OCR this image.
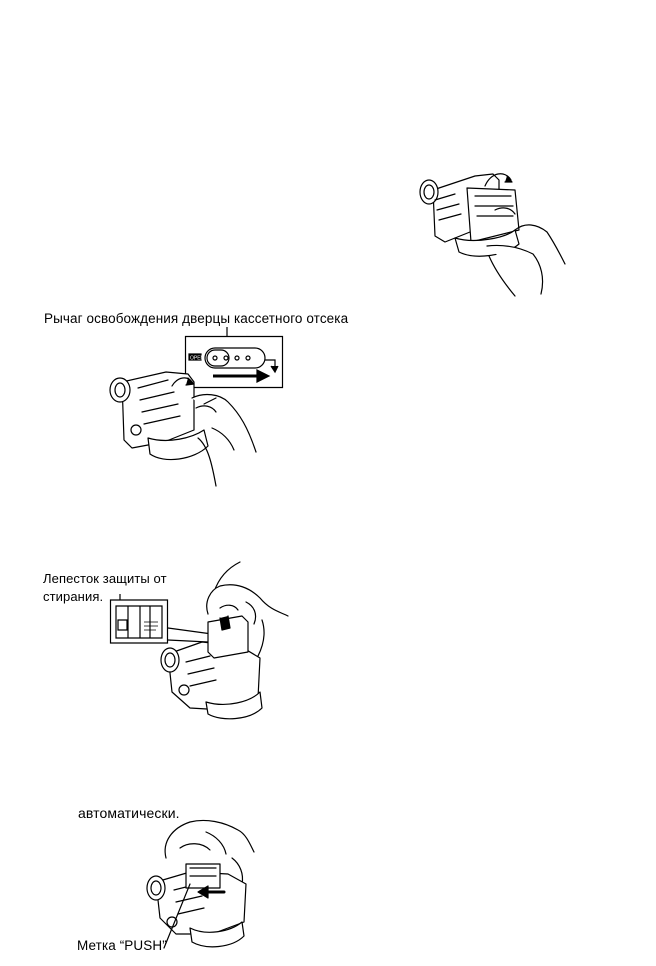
Рычаг освобождения дверцы кассетного отсека
OPEN
Лепесток защиты от
стирания.
автоматически.
Метка “PUSH”
